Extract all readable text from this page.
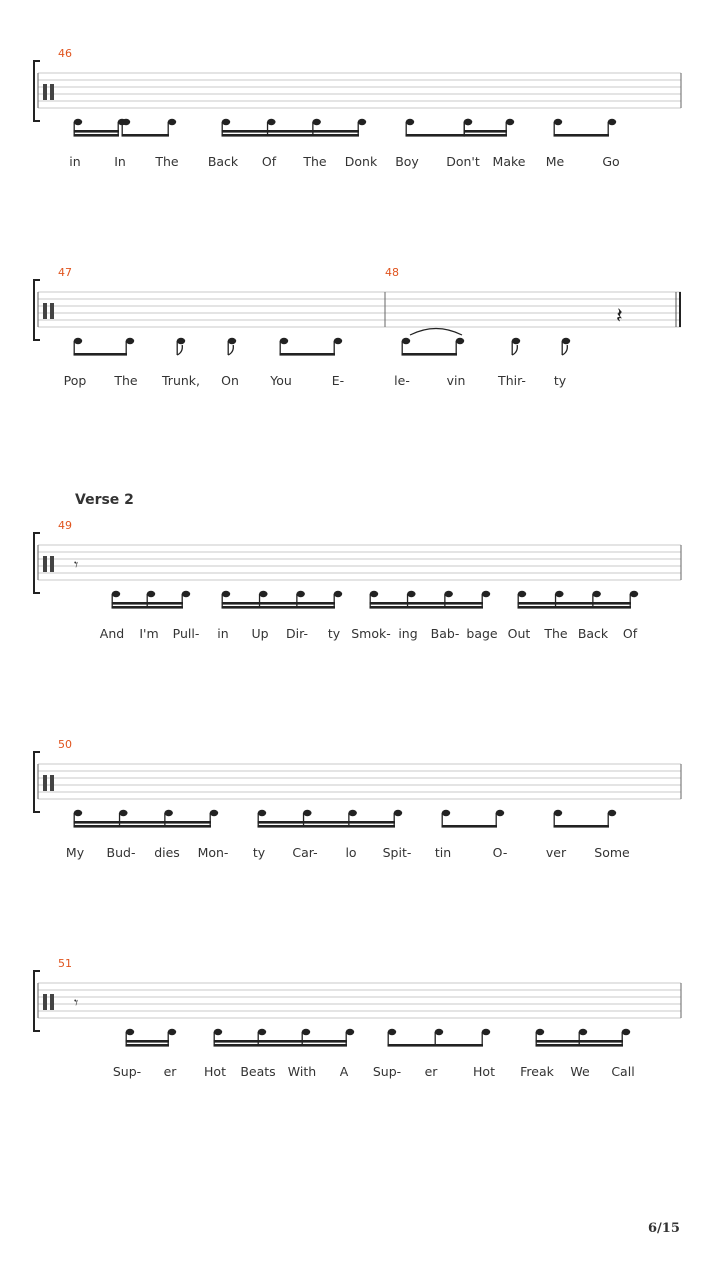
46
in	In The Back Of The Donk Boy Don't Make Me	Go
𝄽
47	48
Pop The Trunk, On	You	E-	le-	vin	Thir- ty
𝄾
49
And I'm Pull- in Up Dir- ty Smok- ing Bab- bage Out The Back Of
50
My Bud- dies Mon- ty Car- lo Spit- tin	O-	ver Some
𝄾
51
Sup- er Hot Beats With A Sup- er	Hot Freak We Call
Verse 2
6/15
